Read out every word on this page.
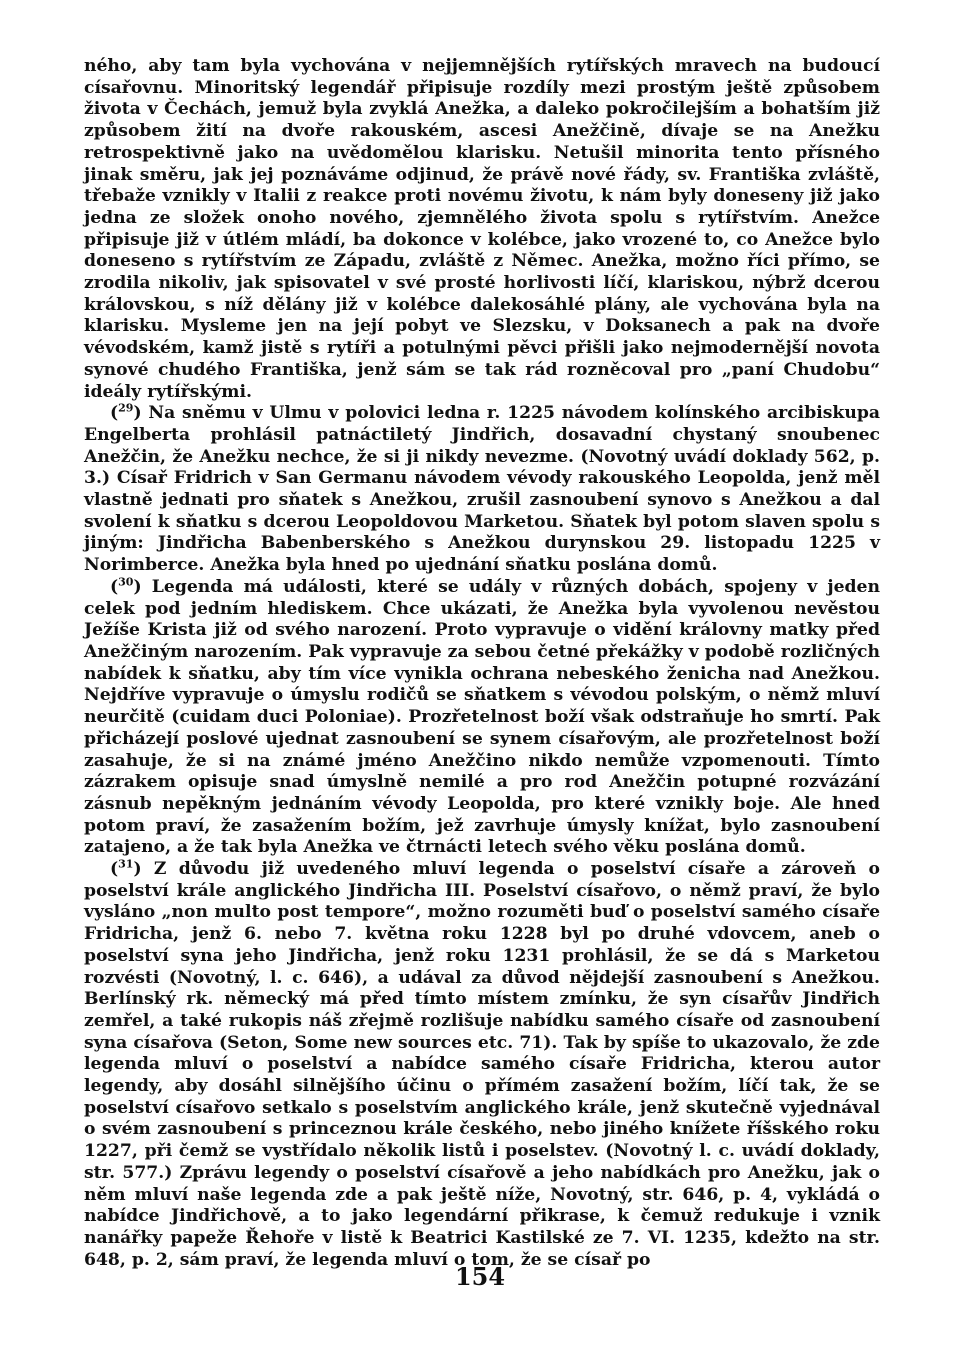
ného, aby tam byla vychována v nejjemnějších rytířských mravech na budoucí císařovnu. Minoritský legendář připisuje rozdíly mezi prostým ještě způsobem života v Čechách, jemuž byla zvyklá Anežka, a daleko pokročilejším a bohatším již způsobem žití na dvoře rakouském, ascesi Anežčině, dívaje se na Anežku retrospektivně jako na uvědomělou klarisku. Netušil minorita tento přísného jinak směru, jak jej poznáváme odjinud, že právě nové řády, sv. Františka zvláště, třebaže vznikly v Italii z reakce proti novému životu, k nám byly doneseny již jako jedna ze složek onoho nového, zjemnělého života spolu s rytířstvím. Anežce připisuje již v útlém mládí, ba dokonce v kolébce, jako vrozené to, co Anežce bylo doneseno s rytířstvím ze Západu, zvláště z Němec. Anežka, možno říci přímo, se zrodila nikoliv, jak spisovatel v své prosté horlivosti líčí, klariskou, nýbrž dcerou královskou, s níž dělány již v kolébce dalekosáhlé plány, ale vychována byla na klarisku. Mysleme jen na její pobyt ve Slezsku, v Doksanech a pak na dvoře vévodském, kamž jistě s rytíři a potulnými pěvci přišli jako nejmodernější novota synové chudého Františka, jenž sám se tak rád rozněcoval pro „paní Chudobu“ ideály rytířskými.

($^{29}$) Na sněmu v Ulmu v polovici ledna r. 1225 návodem kolínského arcibiskupa Engelberta prohlásil patnáctiletý Jindřich, dosavadní chystaný snoubenec Anežčin, že Anežku nechce, že si ji nikdy nevezme. (Novotný uvádí doklady 562, p. 3.) Císař Fridrich v San Germanu návodem vévody rakouského Leopolda, jenž měl vlastně jednati pro sňatek s Anežkou, zrušil zasnoubení synovo s Anežkou a dal svolení k sňatku s dcerou Leopoldovou Marketou. Sňatek byl potom slaven spolu s jiným: Jindřicha Babenberského s Anežkou durynskou 29. listopadu 1225 v Norimberce. Anežka byla hned po ujednání sňatku poslána domů.

($^{30}$) Legenda má události, které se udály v různých dobách, spojeny v jeden celek pod jedním hlediskem. Chce ukázati, že Anežka byla vyvolenou nevěstou Ježíše Krista již od svého narození. Proto vypravuje o vidění královny matky před Anežčiným narozením. Pak vypravuje za sebou četné překážky v podobě rozličných nabídek k sňatku, aby tím více vynikla ochrana nebeského ženicha nad Anežkou. Nejdříve vypravuje o úmyslu rodičů se sňatkem s vévodou polským, o němž mluví neurčitě (cuidam duci Poloniae). Prozřetelnost boží však odstraňuje ho smrtí. Pak přicházejí poslové ujednat zasnoubení se synem císařovým, ale prozřetelnost boží zasahuje, že si na známé jméno Anežčino nikdo nemůže vzpomenouti. Tímto zázrakem opisuje snad úmyslně nemilé a pro rod Anežčin potupné rozvázání zásnub nepěkným jednáním vévody Leopolda, pro které vznikly boje. Ale hned potom praví, že zasažením božím, jež zavrhuje úmysly knížat, bylo zasnoubení zatajeno, a že tak byla Anežka ve čtrnácti letech svého věku poslána domů.

($^{31}$) Z důvodu již uvedeného mluví legenda o poselství císaře a zároveň o poselství krále anglického Jindřicha III. Poselství císařovo, o němž praví, že bylo vysláno „non multo post tempore“, možno rozuměti buď o poselství samého císaře Fridricha, jenž 6. nebo 7. května roku 1228 byl po druhé vdovcem, aneb o poselství syna jeho Jindřicha, jenž roku 1231 prohlásil, že se dá s Marketou rozvésti (Novotný, l. c. 646), a udával za důvod nějdejší zasnoubení s Anežkou. Berlínský rk. německý má před tímto místem zmínku, že syn císařův Jindřich zemřel, a také rukopis náš zřejmě rozlišuje nabídku samého císaře od zasnoubení syna císařova (Seton, Some new sources etc. 71). Tak by spíše to ukazovalo, že zde legenda mluví o poselství a nabídce samého císaře Fridricha, kterou autor legendy, aby dosáhl silnějšího účinu o přímém zasažení božím, líčí tak, že se poselství císařovo setkalo s poselstvím anglického krále, jenž skutečně vyjednával o svém zasnoubení s princeznou krále českého, nebo jiného knížete říšského roku 1227, při čemž se vystřídalo několik listů i poselstev. (Novotný l. c. uvádí doklady, str. 577.) Zprávu legendy o poselství císařově a jeho nabídkách pro Anežku, jak o něm mluví naše legenda zde a pak ještě níže, Novotný, str. 646, p. 4, vykládá o nabídce Jindřichově, a to jako legendární přikrase, k čemuž redukuje i vznik nanářky papeže Řehoře v listě k Beatrici Kastilské ze 7. VI. 1235, kdežto na str. 648, p. 2, sám praví, že legenda mluví o tom, že se císař po

154
